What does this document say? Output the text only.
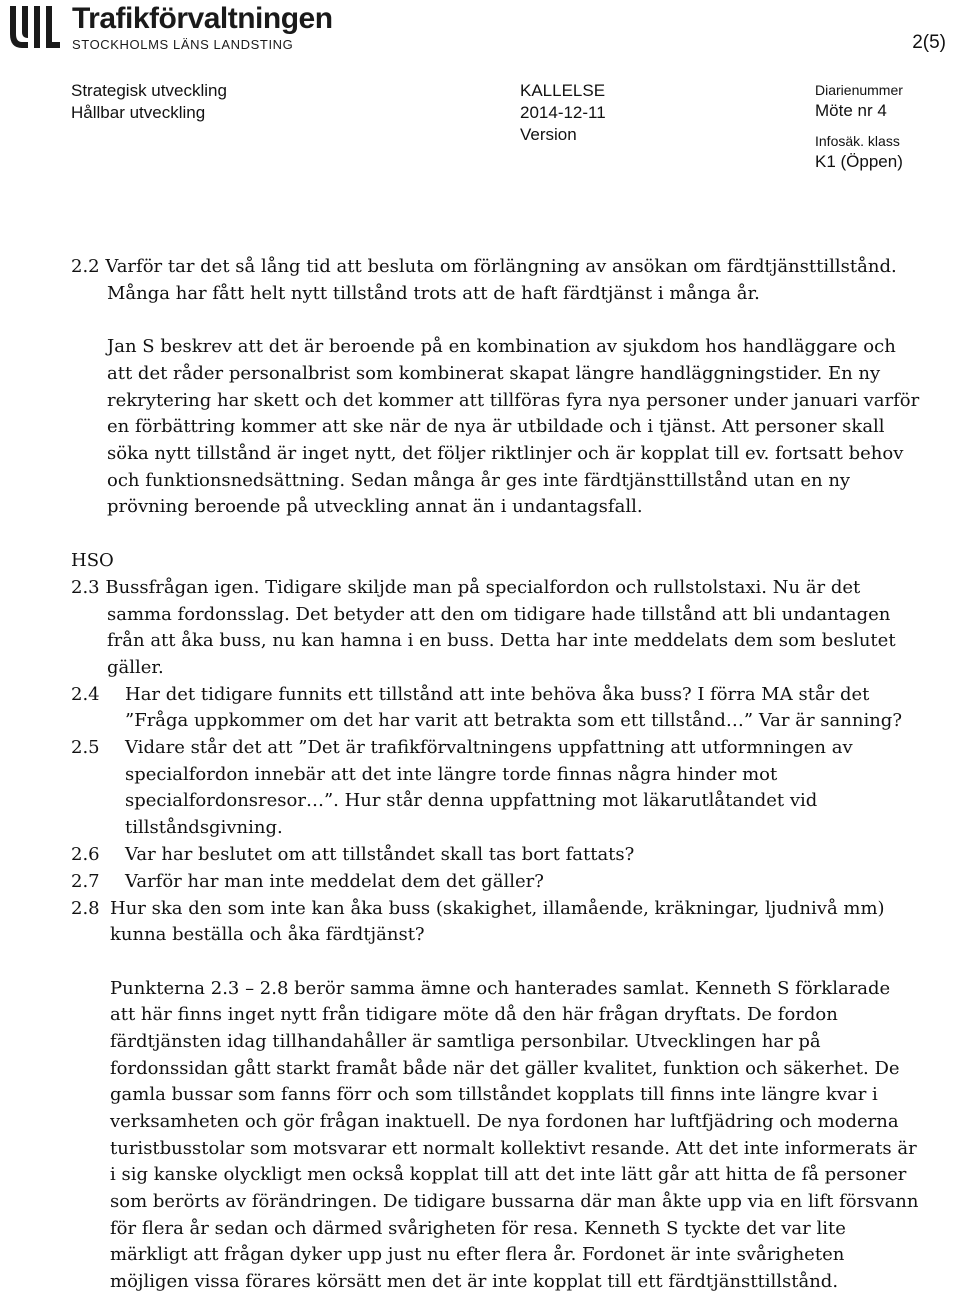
Trafikförvaltningen
STOCKHOLMS LÄNS LANDSTING	2(5)
Strategisk utveckling
Hållbar utveckling
KALLELSE
2014-12-11
Version
Diarienummer
Möte nr 4
Infosäk. klass
K1 (Öppen)
2.2 Varför tar det så lång tid att besluta om förlängning av ansökan om färdtjänsttillstånd.
Många har fått helt nytt tillstånd trots att de haft färdtjänst i många år.
Jan S beskrev att det är beroende på en kombination av sjukdom hos handläggare och
att det råder personalbrist som kombinerat skapat längre handläggningstider. En ny
rekrytering har skett och det kommer att tillföras fyra nya personer under januari varför
en förbättring kommer att ske när de nya är utbildade och i tjänst. Att personer skall
söka nytt tillstånd är inget nytt, det följer riktlinjer och är kopplat till ev. fortsatt behov
och funktionsnedsättning. Sedan många år ges inte färdtjänsttillstånd utan en ny
prövning beroende på utveckling annat än i undantagsfall.
HSO
2.3 Bussfrågan igen. Tidigare skiljde man på specialfordon och rullstolstaxi. Nu är det
samma fordonsslag. Det betyder att den om tidigare hade tillstånd att bli undantagen
från att åka buss, nu kan hamna i en buss. Detta har inte meddelats dem som beslutet
gäller.
2.4 Har det tidigare funnits ett tillstånd att inte behöva åka buss? I förra MA står det
”Fråga uppkommer om det har varit att betrakta som ett tillstånd…” Var är sanning?
2.5 Vidare står det att ”Det är trafikförvaltningens uppfattning att utformningen av
specialfordon innebär att det inte längre torde finnas några hinder mot
specialfordonsresor…”. Hur står denna uppfattning mot läkarutlåtandet vid
tillståndsgivning.
2.6 Var har beslutet om att tillståndet skall tas bort fattats?
2.7 Varför har man inte meddelat dem det gäller?
2.8 Hur ska den som inte kan åka buss (skakighet, illamående, kräkningar, ljudnivå mm)
kunna beställa och åka färdtjänst?
Punkterna 2.3 – 2.8 berör samma ämne och hanterades samlat. Kenneth S förklarade
att här finns inget nytt från tidigare möte då den här frågan dryftats. De fordon
färdtjänsten idag tillhandahåller är samtliga personbilar. Utvecklingen har på
fordonssidan gått starkt framåt både när det gäller kvalitet, funktion och säkerhet. De
gamla bussar som fanns förr och som tillståndet kopplats till finns inte längre kvar i
verksamheten och gör frågan inaktuell. De nya fordonen har luftfjädring och moderna
turistbusstolar som motsvarar ett normalt kollektivt resande. Att det inte informerats är
i sig kanske olyckligt men också kopplat till att det inte lätt går att hitta de få personer
som berörts av förändringen. De tidigare bussarna där man åkte upp via en lift försvann
för flera år sedan och därmed svårigheten för resa. Kenneth S tyckte det var lite
märkligt att frågan dyker upp just nu efter flera år. Fordonet är inte svårigheten
möjligen vissa förares körsätt men det är inte kopplat till ett färdtjänsttillstånd.
